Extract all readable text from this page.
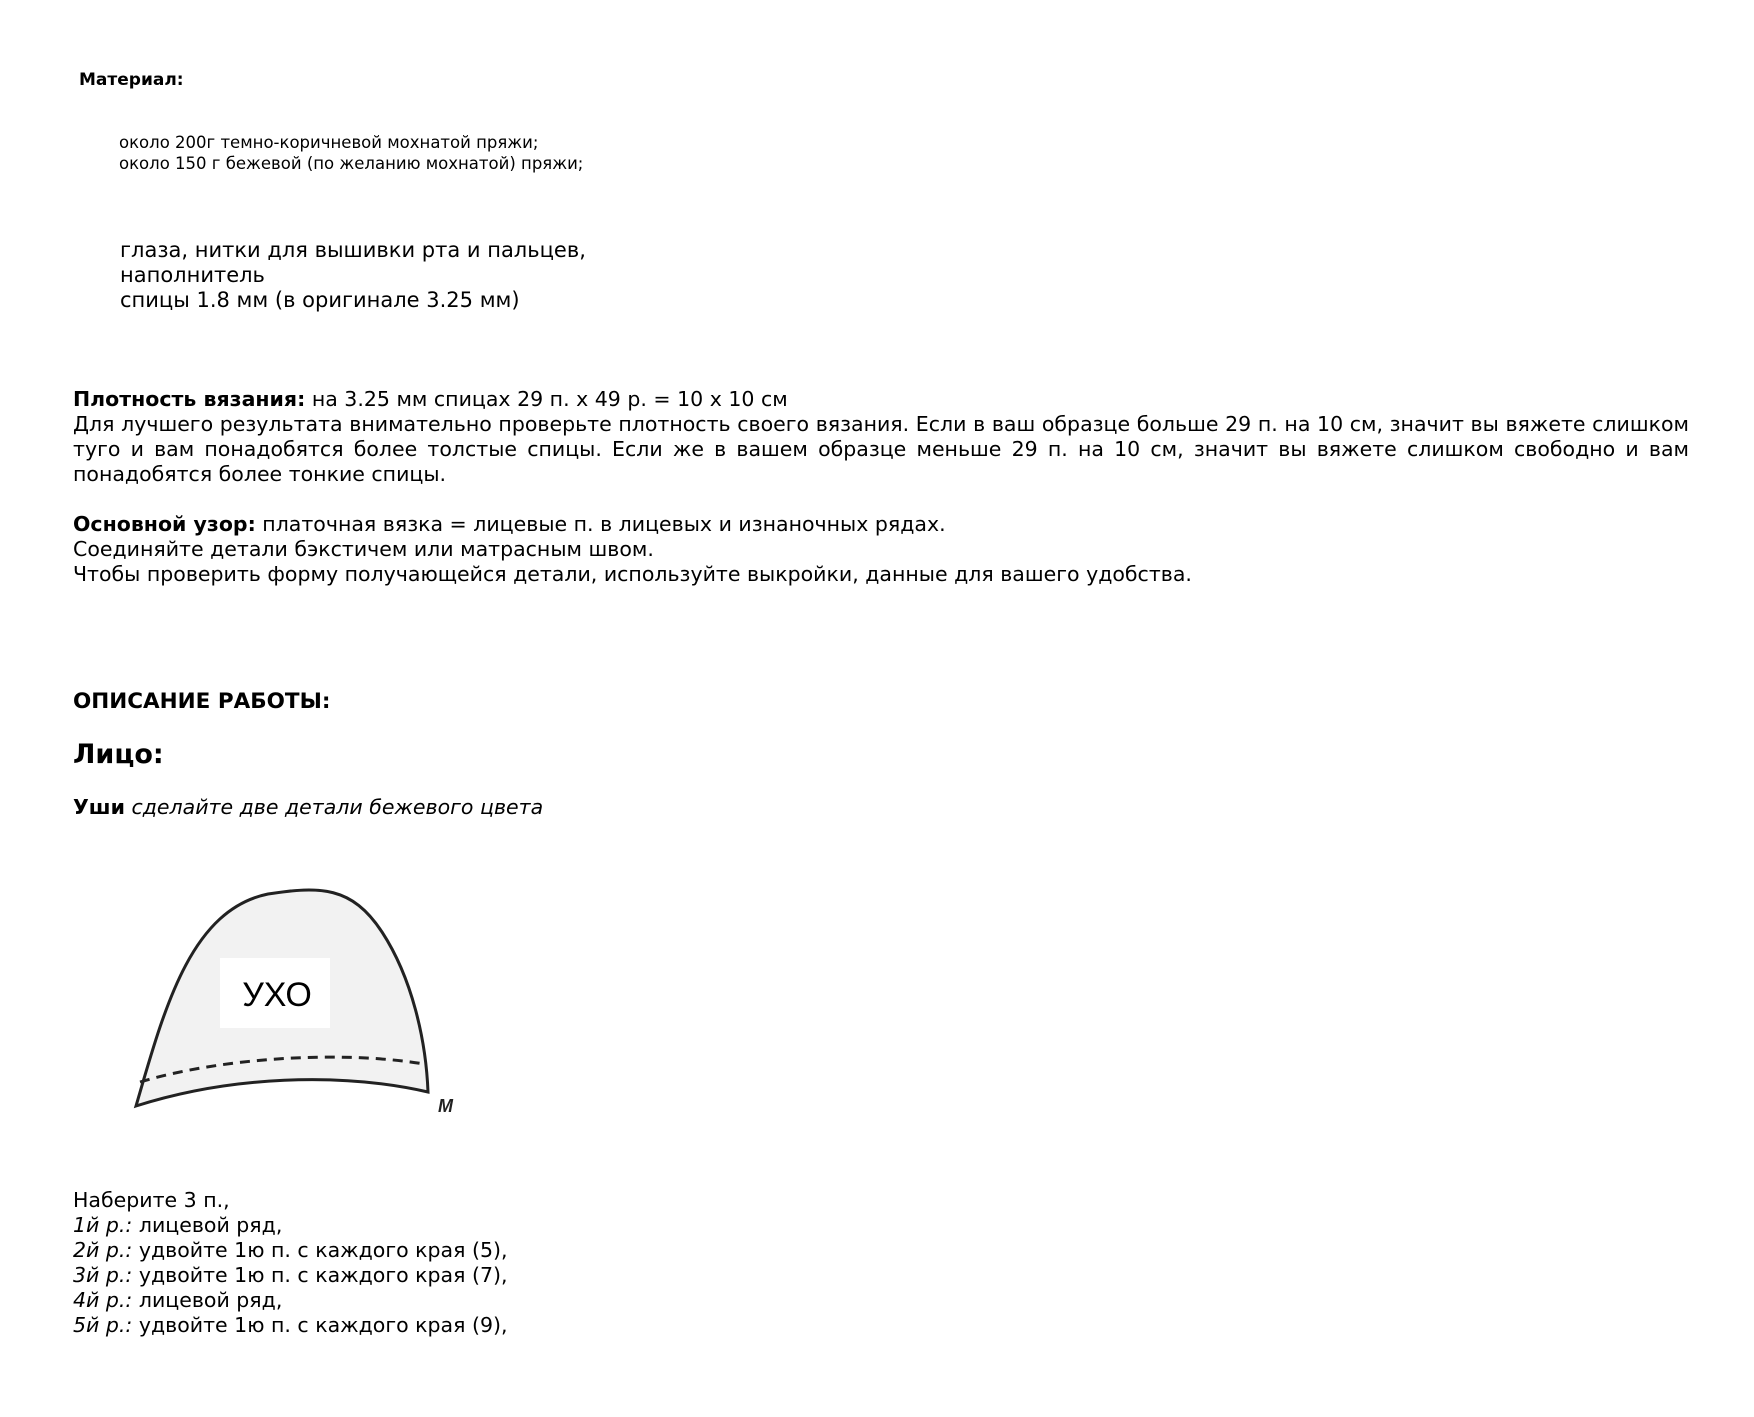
Материал:
около 200г темно-коричневой мохнатой пряжи;
около 150 г бежевой (по желанию мохнатой) пряжи;
глаза, нитки для вышивки рта и пальцев,
наполнитель
спицы 1.8 мм (в оригинале 3.25 мм)
Плотность вязания: на 3.25 мм спицах 29 п. х 49 р. = 10 х 10 см
Для лучшего результата внимательно проверьте плотность своего вязания. Если в ваш образце больше 29 п. на 10 см, значит вы вяжете слишком туго и вам понадобятся более толстые спицы. Если же в вашем образце меньше 29 п. на 10 см, значит вы вяжете слишком свободно и вам понадобятся более тонкие спицы.
Основной узор: платочная вязка = лицевые п. в лицевых и изнаночных рядах.
Соединяйте детали бэкстичем или матрасным швом.
Чтобы проверить форму получающейся детали, используйте выкройки, данные для вашего удобства.
ОПИСАНИЕ РАБОТЫ:
Лицо:
Уши сделайте две детали бежевого цвета
УХО
M
Наберите 3 п.,
1й р.: лицевой ряд,
2й р.: удвойте 1ю п. с каждого края (5),
3й р.: удвойте 1ю п. с каждого края (7),
4й р.: лицевой ряд,
5й р.: удвойте 1ю п. с каждого края (9),
